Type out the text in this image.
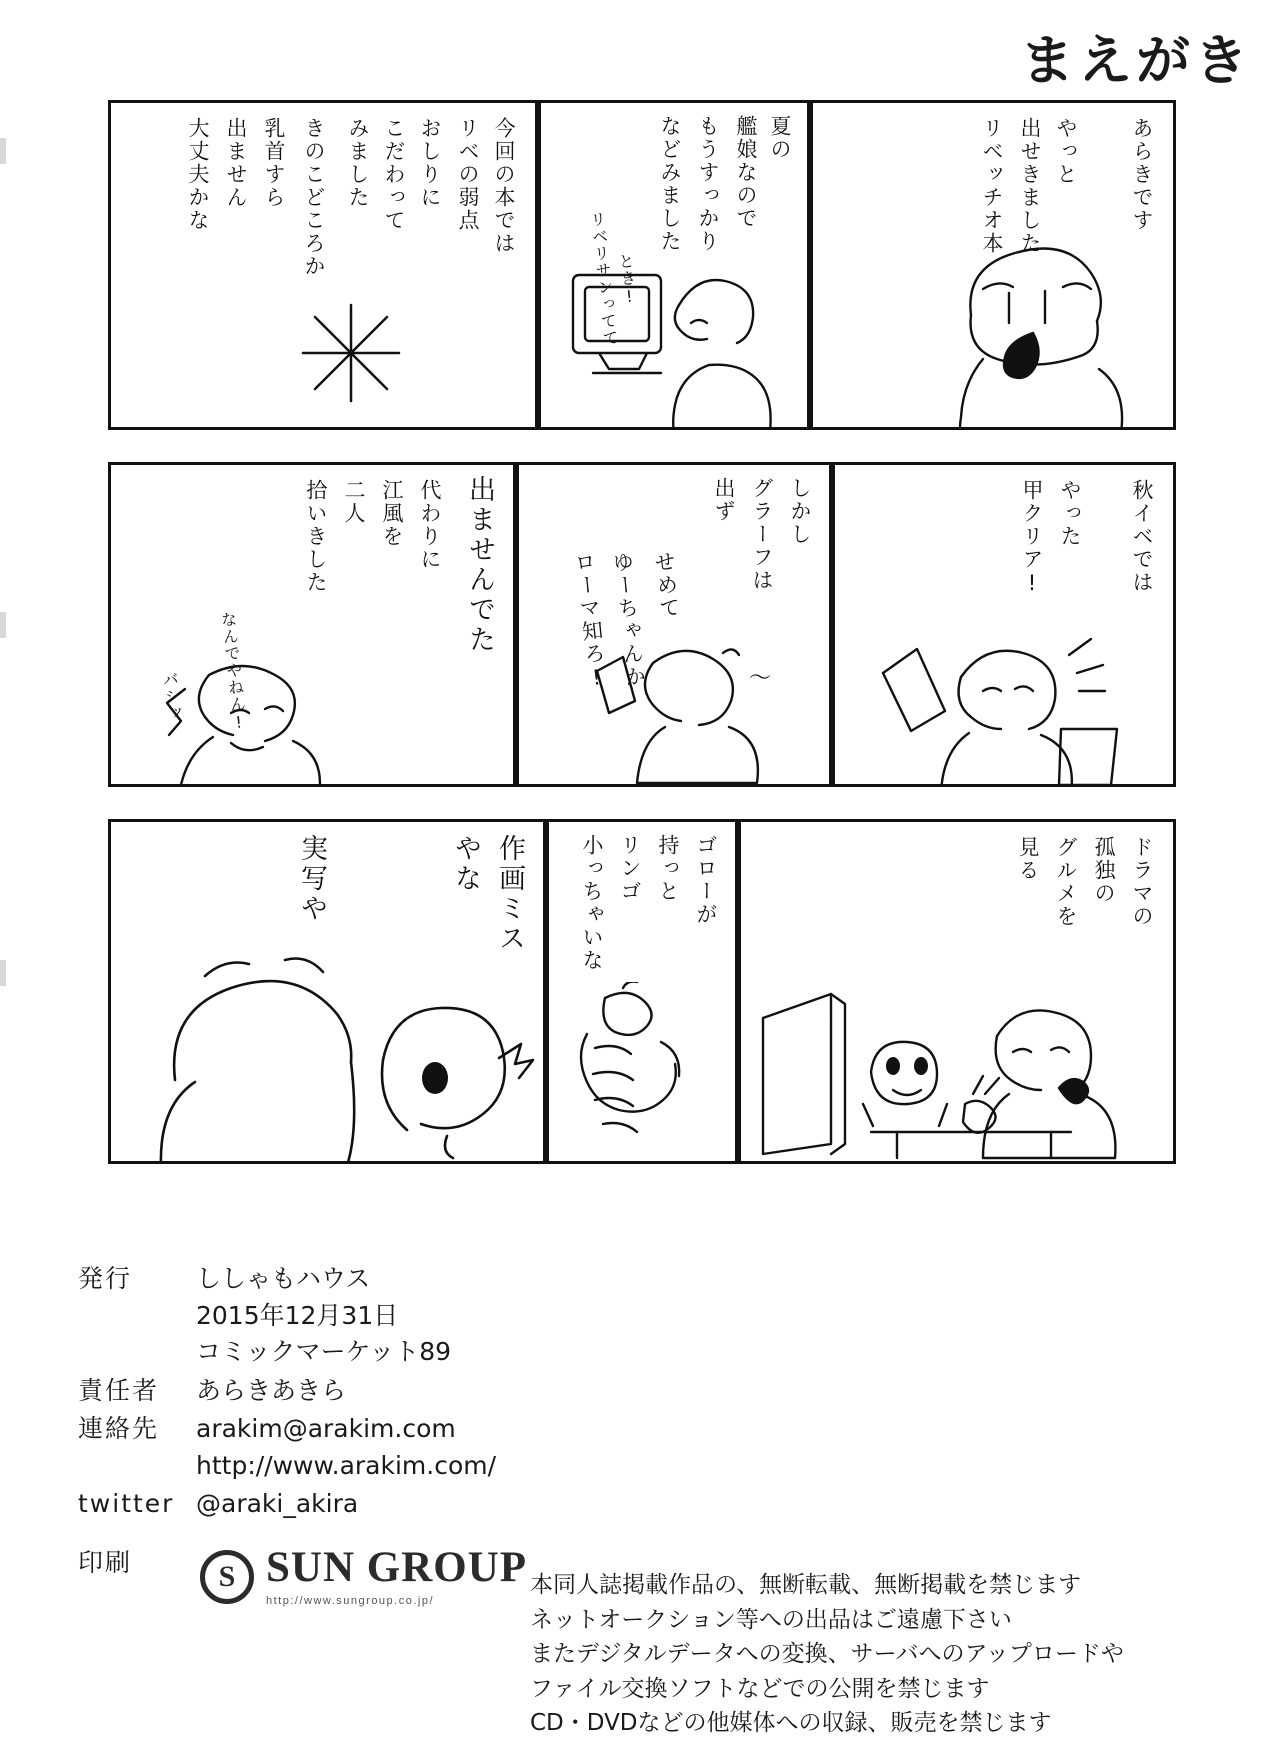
まえがき
今回の本では
リベの弱点
おしりに
こだわって
みました
きのこどころか
乳首すら
出ません
大丈夫かな	夏の
艦娘なので
もうすっかり
などみました
リベリサンってて
とき!
あらきです
やっと
出せきました
リベッチオ本
出ませんでた
代わりに
江風を
二人
拾いきした
なんでやねん!
バシッ
しかし
グラーフは
出ず
せめて
ゆーちゃんか
ローマ知ろ!	〜
秋イベでは
やった
甲クリア!
作画ミス
やな
実写や	ゴローが
持っと
リンゴ
小っちゃいな	ドラマの
孤独の
グルメを
見る
発行	ししゃもハウス
2015年12月31日
コミックマーケット89
責任者	あらきあきら
連絡先	arakim@arakim.com
http://www.arakim.com/
twitter @araki_akira
印刷	S SUN GROUP
http://www.sungroup.co.jp/
本同人誌掲載作品の、無断転載、無断掲載を禁じます
ネットオークション等への出品はご遠慮下さい
またデジタルデータへの変換、サーバへのアップロードや
ファイル交換ソフトなどでの公開を禁じます
CD・DVDなどの他媒体への収録、販売を禁じます
